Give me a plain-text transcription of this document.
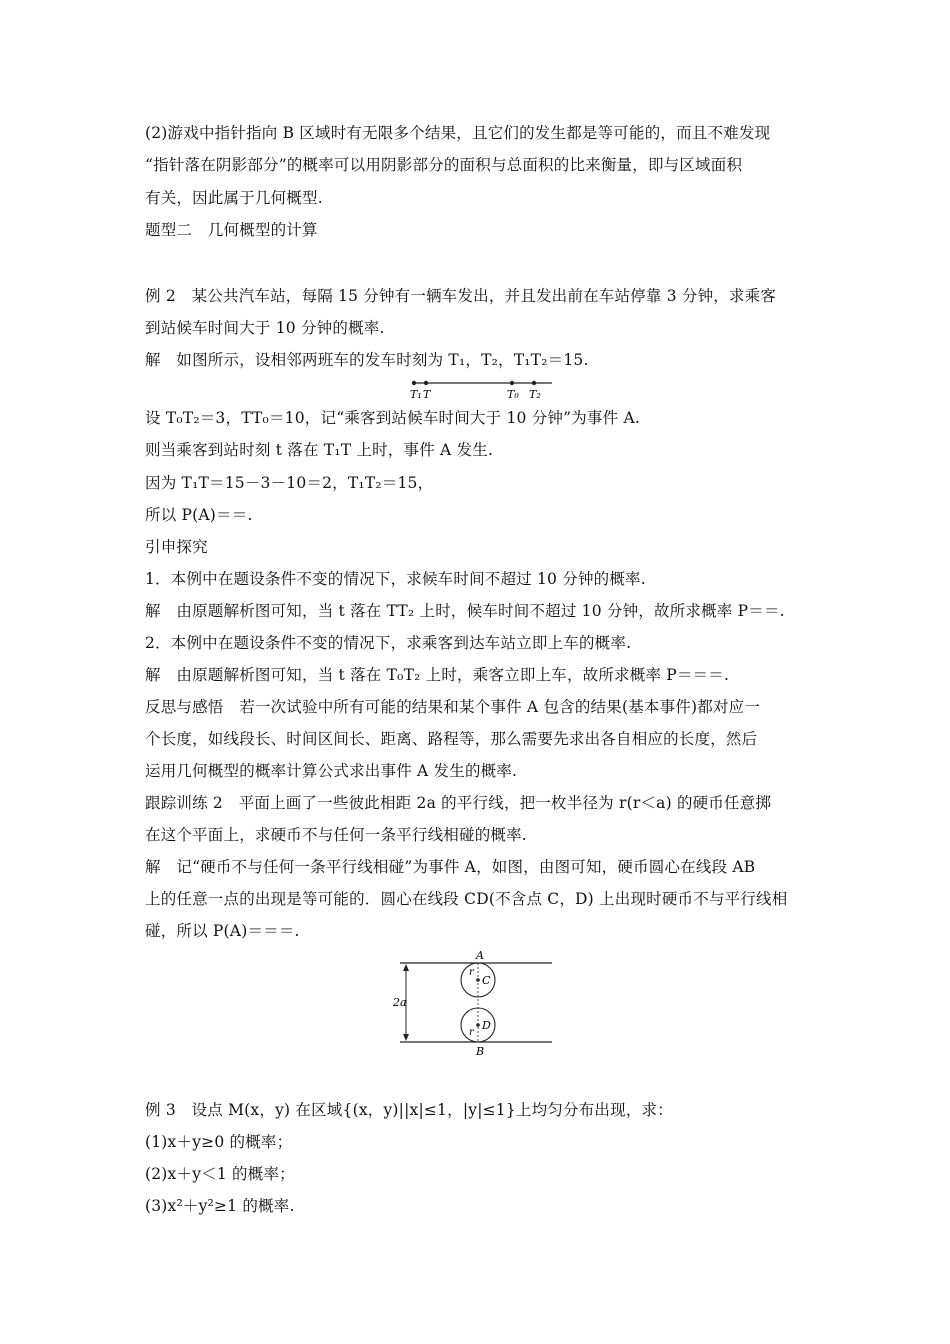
(2)游戏中指针指向 B 区域时有无限多个结果，且它们的发生都是等可能的，而且不难发现
“指针落在阴影部分”的概率可以用阴影部分的面积与总面积的比来衡量，即与区域面积
有关，因此属于几何概型.
题型二　几何概型的计算
例 2　某公共汽车站，每隔 15 分钟有一辆车发出，并且发出前在车站停靠 3 分钟，求乘客
到站候车时间大于 10 分钟的概率.
解　如图所示，设相邻两班车的发车时刻为 T₁，T₂，T₁T₂＝15.
T₁ T	T₀ T₂
设 T₀T₂＝3，TT₀＝10，记“乘客到站候车时间大于 10 分钟”为事件 A.
则当乘客到站时刻 t 落在 T₁T 上时，事件 A 发生.
因为 T₁T＝15－3－10＝2，T₁T₂＝15，
所以 P(A)＝＝.
引申探究
1．本例中在题设条件不变的情况下，求候车时间不超过 10 分钟的概率.
解　由原题解析图可知，当 t 落在 TT₂ 上时，候车时间不超过 10 分钟，故所求概率 P＝＝.
2．本例中在题设条件不变的情况下，求乘客到达车站立即上车的概率.
解　由原题解析图可知，当 t 落在 T₀T₂ 上时，乘客立即上车，故所求概率 P＝＝＝.
反思与感悟　若一次试验中所有可能的结果和某个事件 A 包含的结果(基本事件)都对应一
个长度，如线段长、时间区间长、距离、路程等，那么需要先求出各自相应的长度，然后
运用几何概型的概率计算公式求出事件 A 发生的概率.
跟踪训练 2　平面上画了一些彼此相距 2a 的平行线，把一枚半径为 r(r＜a) 的硬币任意掷
在这个平面上，求硬币不与任何一条平行线相碰的概率.
解　记“硬币不与任何一条平行线相碰”为事件 A，如图，由图可知，硬币圆心在线段 AB
上的任意一点的出现是等可能的．圆心在线段 CD(不含点 C，D) 上出现时硬币不与平行线相
碰，所以 P(A)＝＝＝.
2a
A
B
C
D
r
r
例 3　设点 M(x，y) 在区域{(x，y)||x|≤1，|y|≤1}上均匀分布出现，求：
(1)x＋y≥0 的概率；
(2)x＋y＜1 的概率；
(3)x²＋y²≥1 的概率.
